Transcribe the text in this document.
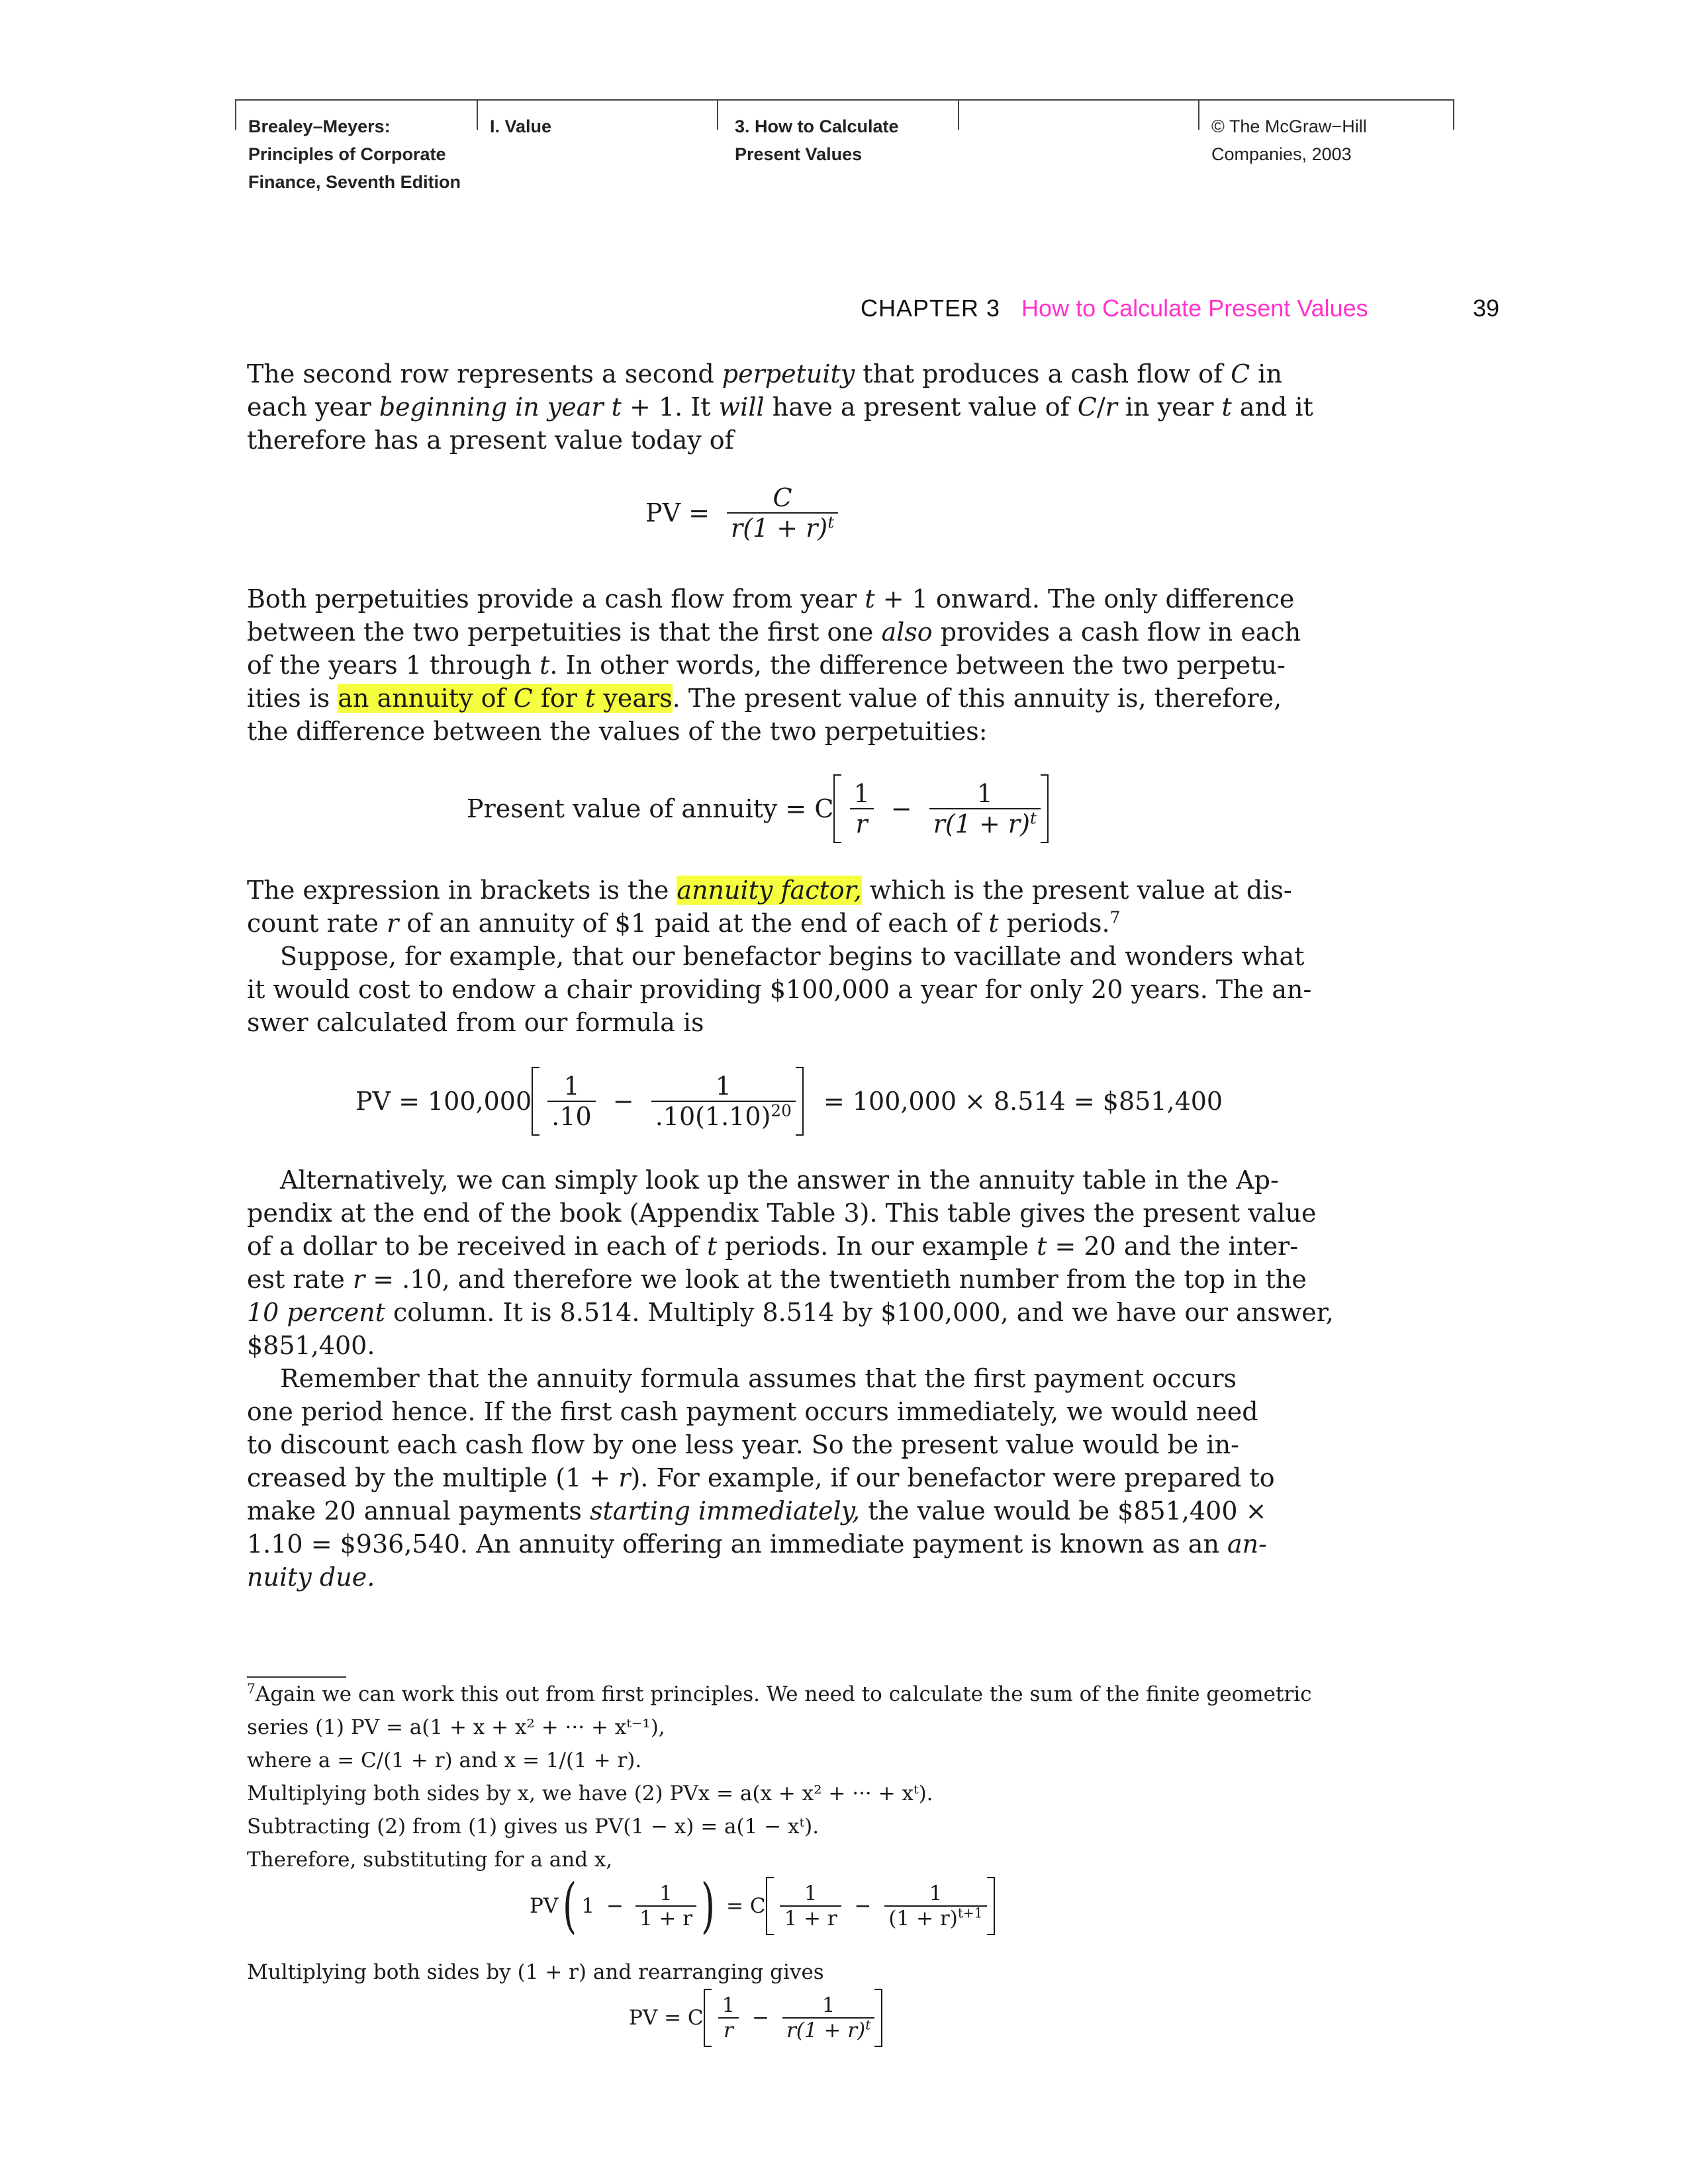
Brealey–Meyers:
Principles of Corporate
Finance, Seventh Edition
I. Value	3. How to Calculate
Present Values
© The McGraw−Hill
Companies, 2003
CHAPTER 3 How to Calculate Present Values	39
The second row represents a second perpetuity that produces a cash flow of C in
each year beginning in year t + 1. It will have a present value of C/r in year t and it
therefore has a present value today of
PV = $\frac{C}{r(1 + r)^t}$
Both perpetuities provide a cash flow from year t + 1 onward. The only difference
between the two perpetuities is that the first one also provides a cash flow in each
of the years 1 through t. In other words, the difference between the two perpetu-
ities is an annuity of C for t years. The present value of this annuity is, therefore,
the difference between the values of the two perpetuities:
Present value of annuity = C $\frac{1}{r} - \frac{1}{r(1 + r)^t}$
The expression in brackets is the annuity factor, which is the present value at dis-
count rate r of an annuity of $1 paid at the end of each of t periods.$^7$
Suppose, for example, that our benefactor begins to vacillate and wonders what
it would cost to endow a chair providing $100,000 a year for only 20 years. The an-
swer calculated from our formula is
PV = $100,000 \frac{1}{.10} - \frac{1}{.10(1.10)^{20}} = 100,000 \times 8.514$ = $851,400
Alternatively, we can simply look up the answer in the annuity table in the Ap-
pendix at the end of the book (Appendix Table 3). This table gives the present value
of a dollar to be received in each of t periods. In our example t = 20 and the inter-
est rate r = .10, and therefore we look at the twentieth number from the top in the
10 percent column. It is 8.514. Multiply 8.514 by $100,000, and we have our answer,
$851,400.
Remember that the annuity formula assumes that the first payment occurs
one period hence. If the first cash payment occurs immediately, we would need
to discount each cash flow by one less year. So the present value would be in-
creased by the multiple (1 + r). For example, if our benefactor were prepared to
make 20 annual payments starting immediately, the value would be $851,400 ×
1.10 = $936,540. An annuity offering an immediate payment is known as an an-
nuity due.
$^7$Again we can work this out from first principles. We need to calculate the sum of the finite geometric
series (1) PV = a(1 + x + x² + ··· + xᵗ⁻¹),
where a = C/(1 + r) and x = 1/(1 + r).
Multiplying both sides by x, we have (2) PVx = a(x + x² + ··· + xᵗ).
Subtracting (2) from (1) gives us PV(1 − x) = a(1 − xᵗ).
Therefore, substituting for a and x,
PV( $1 - \frac{1}{1 + r}$ ) = C $\frac{1}{1 + r} - \frac{1}{(1 + r)^{t+1}}$
Multiplying both sides by (1 + r) and rearranging gives
PV = C $\frac{1}{r} - \frac{1}{r(1 + r)^t}$
